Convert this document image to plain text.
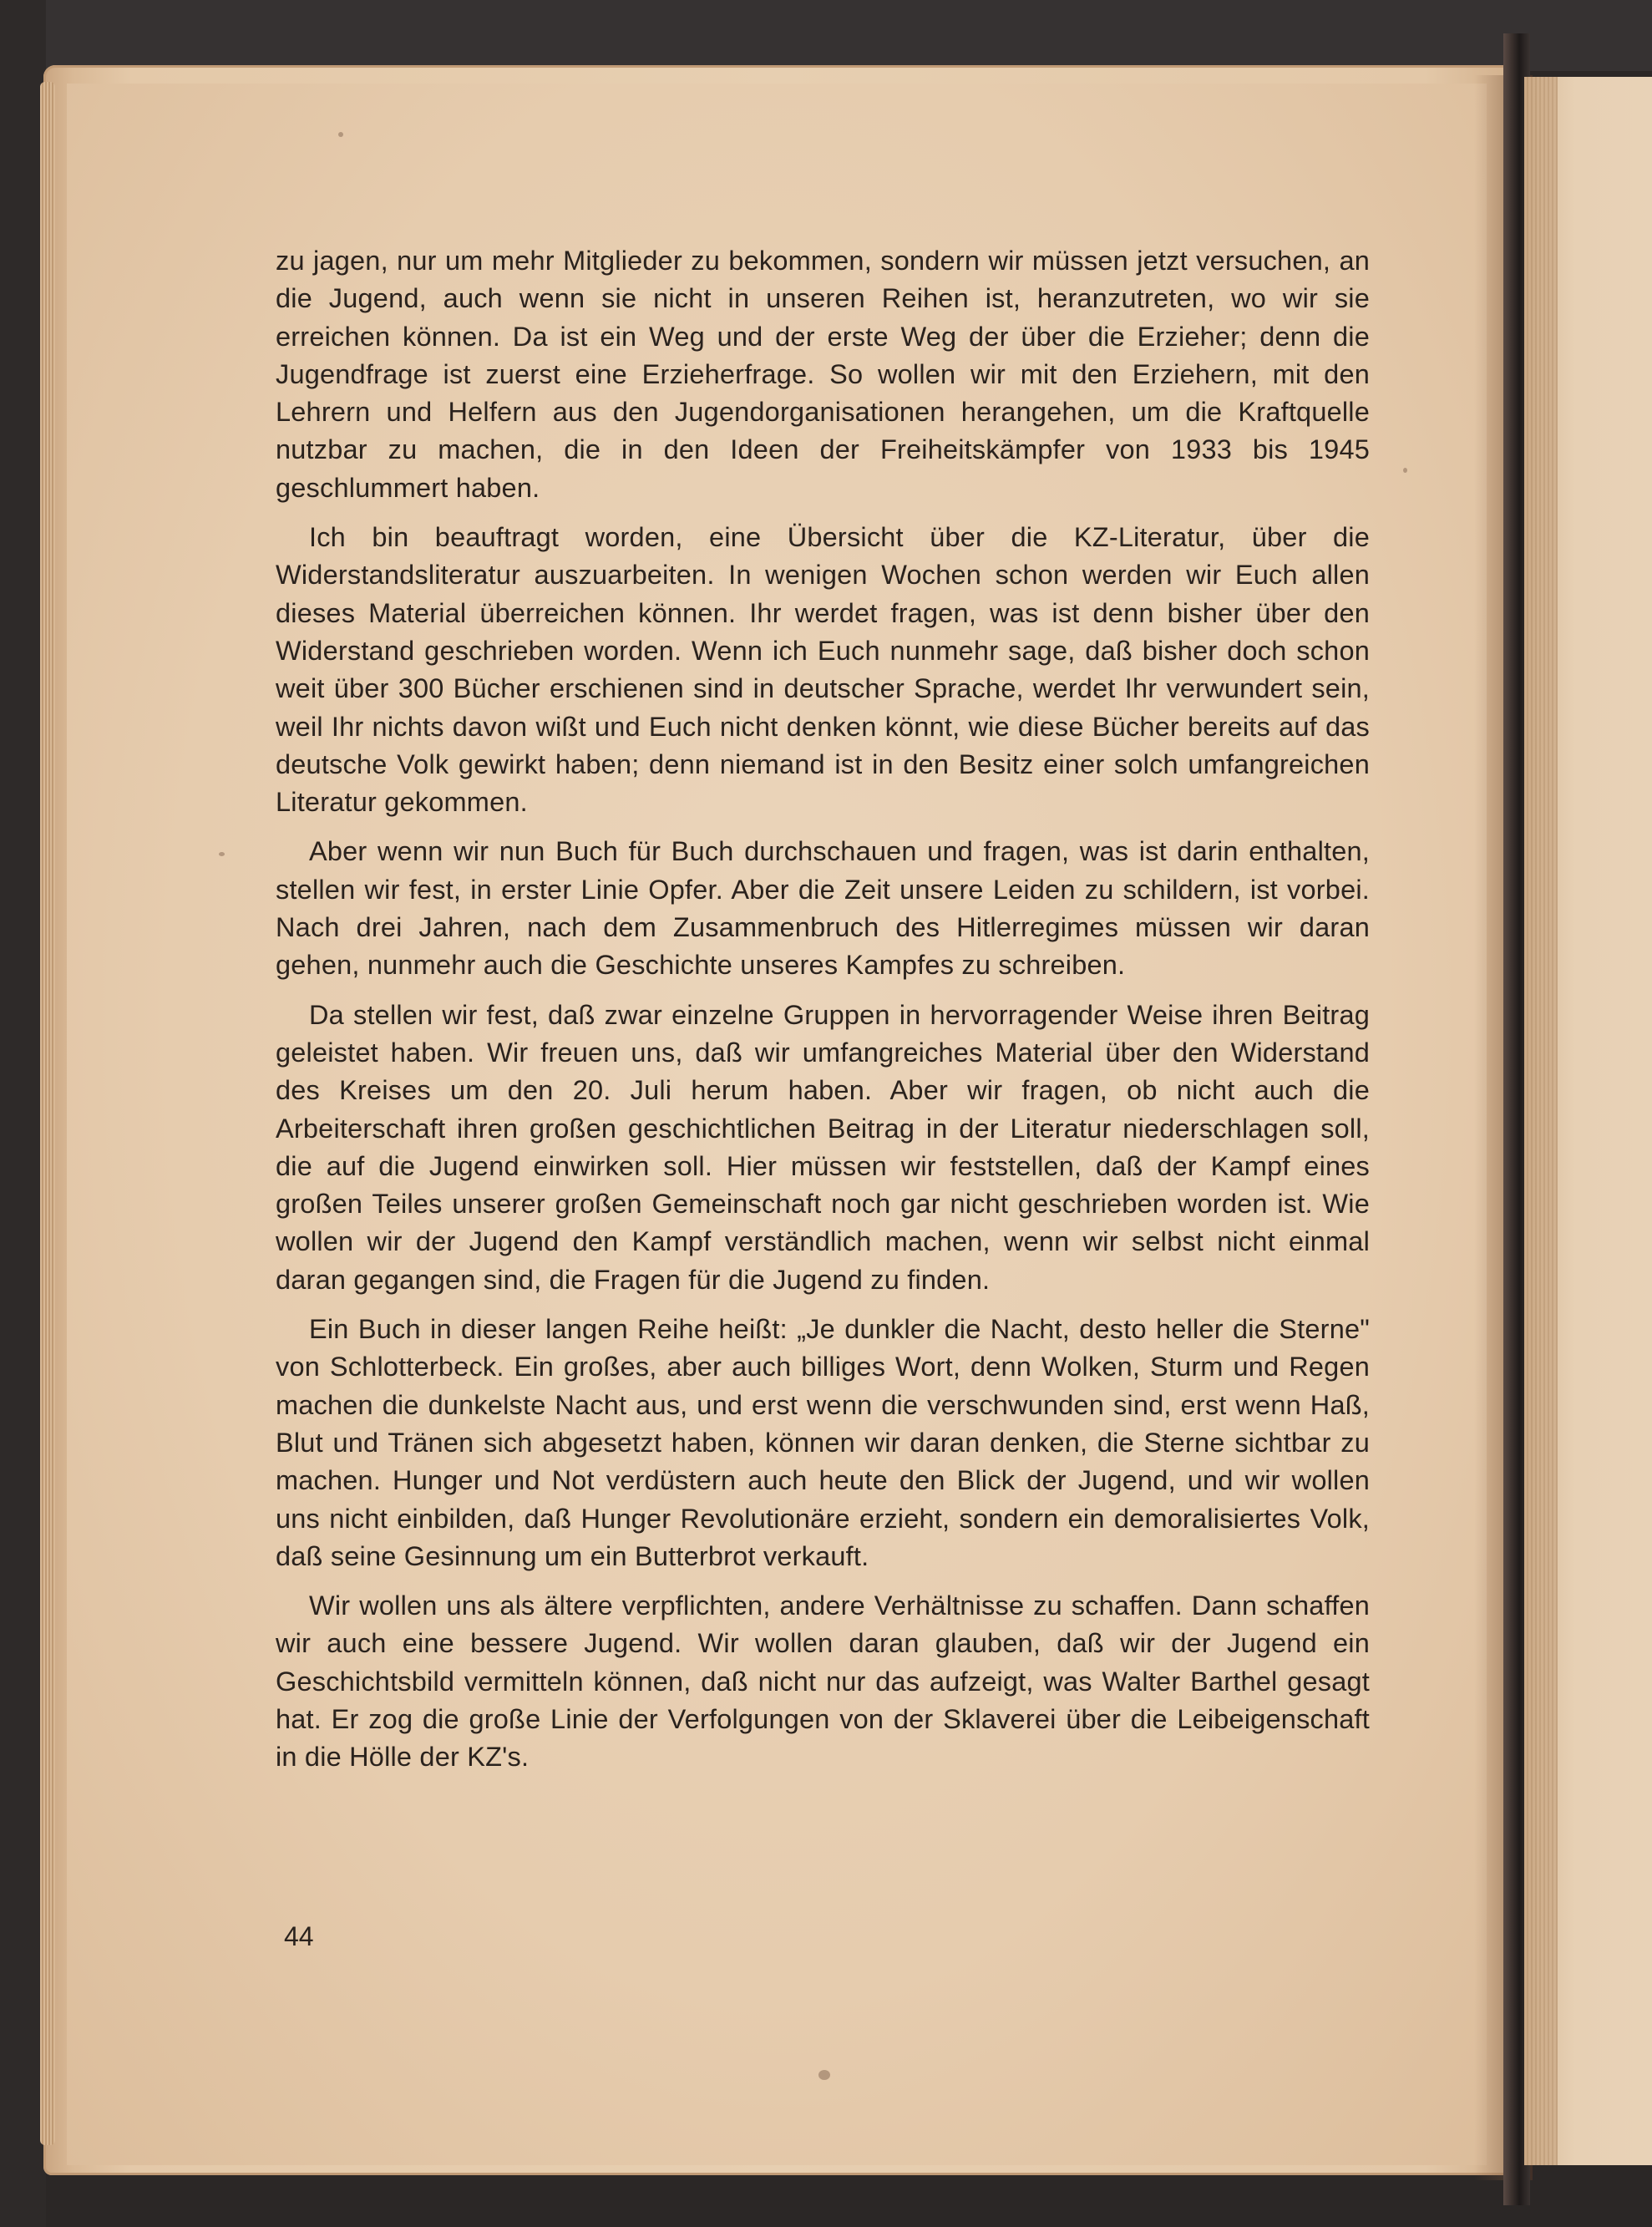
zu jagen, nur um mehr Mitglieder zu bekommen, sondern wir müssen jetzt versuchen, an die Jugend, auch wenn sie nicht in unseren Reihen ist, heranzutreten, wo wir sie erreichen können. Da ist ein Weg und der erste Weg der über die Erzieher; denn die Jugendfrage ist zuerst eine Erzieherfrage. So wollen wir mit den Erziehern, mit den Lehrern und Helfern aus den Jugendorganisationen herangehen, um die Kraftquelle nutzbar zu machen, die in den Ideen der Freiheitskämpfer von 1933 bis 1945 geschlummert haben.

Ich bin beauftragt worden, eine Übersicht über die KZ-Literatur, über die Widerstandsliteratur auszuarbeiten. In wenigen Wochen schon werden wir Euch allen dieses Material überreichen können. Ihr werdet fragen, was ist denn bisher über den Widerstand geschrieben worden. Wenn ich Euch nunmehr sage, daß bisher doch schon weit über 300 Bücher erschienen sind in deutscher Sprache, werdet Ihr verwundert sein, weil Ihr nichts davon wißt und Euch nicht denken könnt, wie diese Bücher bereits auf das deutsche Volk gewirkt haben; denn niemand ist in den Besitz einer solch umfangreichen Literatur gekommen.

Aber wenn wir nun Buch für Buch durchschauen und fragen, was ist darin enthalten, stellen wir fest, in erster Linie Opfer. Aber die Zeit unsere Leiden zu schildern, ist vorbei. Nach drei Jahren, nach dem Zusammenbruch des Hitlerregimes müssen wir daran gehen, nunmehr auch die Geschichte unseres Kampfes zu schreiben.

Da stellen wir fest, daß zwar einzelne Gruppen in hervorragender Weise ihren Beitrag geleistet haben. Wir freuen uns, daß wir umfangreiches Material über den Widerstand des Kreises um den 20. Juli herum haben. Aber wir fragen, ob nicht auch die Arbeiterschaft ihren großen geschichtlichen Beitrag in der Literatur niederschlagen soll, die auf die Jugend einwirken soll. Hier müssen wir feststellen, daß der Kampf eines großen Teiles unserer großen Gemeinschaft noch gar nicht geschrieben worden ist. Wie wollen wir der Jugend den Kampf verständlich machen, wenn wir selbst nicht einmal daran gegangen sind, die Fragen für die Jugend zu finden.

Ein Buch in dieser langen Reihe heißt: „Je dunkler die Nacht, desto heller die Sterne" von Schlotterbeck. Ein großes, aber auch billiges Wort, denn Wolken, Sturm und Regen machen die dunkelste Nacht aus, und erst wenn die verschwunden sind, erst wenn Haß, Blut und Tränen sich abgesetzt haben, können wir daran denken, die Sterne sichtbar zu machen. Hunger und Not verdüstern auch heute den Blick der Jugend, und wir wollen uns nicht einbilden, daß Hunger Revolutionäre erzieht, sondern ein demoralisiertes Volk, daß seine Gesinnung um ein Butterbrot verkauft.

Wir wollen uns als ältere verpflichten, andere Verhältnisse zu schaffen. Dann schaffen wir auch eine bessere Jugend. Wir wollen daran glauben, daß wir der Jugend ein Geschichtsbild vermitteln können, daß nicht nur das aufzeigt, was Walter Barthel gesagt hat. Er zog die große Linie der Verfolgungen von der Sklaverei über die Leibeigenschaft in die Hölle der KZ's.

44
